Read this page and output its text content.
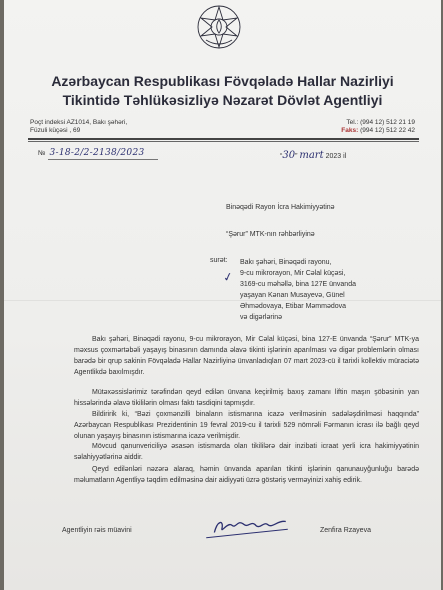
Azərbaycan Respublikası Fövqəladə Hallar Nazirliyi
Tikintidə Təhlükəsizliyə Nəzarət Dövlət Agentliyi
Poçt indeksi AZ1014, Bakı şəhəri,
Füzuli küçəsi , 69
Tel.: (994 12) 512 21 19
Faks: (994 12) 512 22 42
№ 3-18-2/2-2138/2023	“30” mart 2023 il
Binəqədi Rayon İcra Hakimiyyətinə
“Şərur” MTK-nın rəhbərliyinə
surət:
✓
Bakı şəhəri, Binəqədi rayonu,
9-cu mikrorayon, Mir Cəlal küçəsi,
3169-cu məhəllə, bina 127E ünvanda
yaşayan Kənan Musayevə, Günel
Əhmədovaya, Etibar Məmmədova
və digərlərinə
Bakı şəhəri, Binəqədi rayonu, 9-cu mikrorayon, Mir Cəlal küçəsi, bina 127-E ünvanda “Şərur” MTK-ya məxsus çoxmərtəbəli yaşayış binasının damında əlavə tikinti işlərinin aparılması və digər problemlərin olması barədə bir qrup sakinin Fövqəladə Hallar Nazirliyinə ünvanladıqları 07 mart 2023-cü il tarixli kollektiv müraciətə Agentlikdə baxılmışdır.
Mütəxəssislərimiz tərəfindən qeyd edilən ünvana keçirilmiş baxış zamanı liftin maşın şöbəsinin yan hissələrində əlavə tikililərin olması faktı təsdiqini tapmışdır.
Bildiririk ki, “Bəzi çoxmənzilli binaların istismarına icazə verilməsinin sadələşdirilməsi haqqında” Azərbaycan Respublikası Prezidentinin 19 fevral 2019-cu il tarixli 529 nömrəli Fərmanın icrası ilə bağlı qeyd olunan yaşayış binasının istismarına icazə verilmişdir.
Mövcud qanunvericiliyə əsasən istismarda olan tikililərə dair inzibati icraat yerli icra hakimiyyətinin səlahiyyətlərinə aiddir.
Qeyd edilənləri nəzərə alaraq, həmin ünvanda aparılan tikinti işlərinin qanunauyğunluğu barədə məlumatların Agentliyə təqdim edilməsinə dair aidiyyəti üzrə göstəriş verməyinizi xahiş edirik.
Agentliyin rəis müavini	Zenfira Rzayeva
